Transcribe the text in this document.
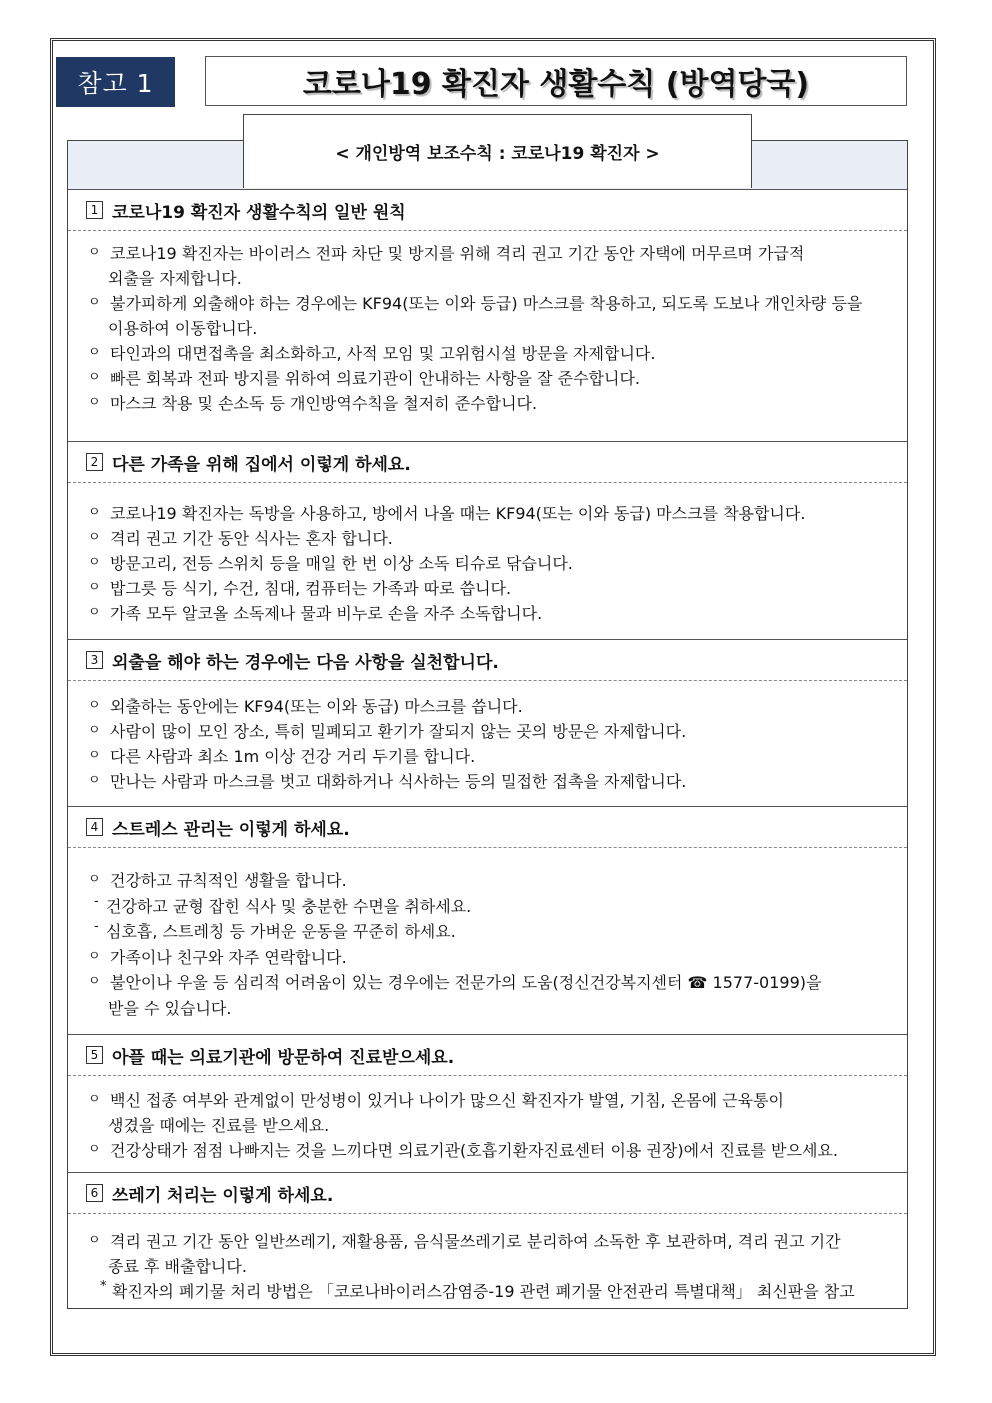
참고 1	코로나19 확진자 생활수칙 (방역당국)
1 코로나19 확진자 생활수칙의 일반 원칙
ㅇ 코로나19 확진자는 바이러스 전파 차단 및 방지를 위해 격리 권고 기간 동안 자택에 머무르며 가급적
외출을 자제합니다.
ㅇ 불가피하게 외출해야 하는 경우에는 KF94(또는 이와 등급) 마스크를 착용하고, 되도록 도보나 개인차량 등을
이용하여 이동합니다.
ㅇ 타인과의 대면접촉을 최소화하고, 사적 모임 및 고위험시설 방문을 자제합니다.
ㅇ 빠른 회복과 전파 방지를 위하여 의료기관이 안내하는 사항을 잘 준수합니다.
ㅇ 마스크 착용 및 손소독 등 개인방역수칙을 철저히 준수합니다.
2 다른 가족을 위해 집에서 이렇게 하세요.
ㅇ 코로나19 확진자는 독방을 사용하고, 방에서 나올 때는 KF94(또는 이와 동급) 마스크를 착용합니다.
ㅇ 격리 권고 기간 동안 식사는 혼자 합니다.
ㅇ 방문고리, 전등 스위치 등을 매일 한 번 이상 소독 티슈로 닦습니다.
ㅇ 밥그릇 등 식기, 수건, 침대, 컴퓨터는 가족과 따로 씁니다.
ㅇ 가족 모두 알코올 소독제나 물과 비누로 손을 자주 소독합니다.
3 외출을 해야 하는 경우에는 다음 사항을 실천합니다.
ㅇ 외출하는 동안에는 KF94(또는 이와 동급) 마스크를 씁니다.
ㅇ 사람이 많이 모인 장소, 특히 밀폐되고 환기가 잘되지 않는 곳의 방문은 자제합니다.
ㅇ 다른 사람과 최소 1m 이상 건강 거리 두기를 합니다.
ㅇ 만나는 사람과 마스크를 벗고 대화하거나 식사하는 등의 밀접한 접촉을 자제합니다.
4 스트레스 관리는 이렇게 하세요.
ㅇ 건강하고 규칙적인 생활을 합니다.
- 건강하고 균형 잡힌 식사 및 충분한 수면을 취하세요.
- 심호흡, 스트레칭 등 가벼운 운동을 꾸준히 하세요.
ㅇ 가족이나 친구와 자주 연락합니다.
ㅇ 불안이나 우울 등 심리적 어려움이 있는 경우에는 전문가의 도움(정신건강복지센터 ☎ 1577-0199)을
받을 수 있습니다.
5 아플 때는 의료기관에 방문하여 진료받으세요.
ㅇ 백신 접종 여부와 관계없이 만성병이 있거나 나이가 많으신 확진자가 발열, 기침, 온몸에 근육통이
생겼을 때에는 진료를 받으세요.
ㅇ 건강상태가 점점 나빠지는 것을 느끼다면 의료기관(호흡기환자진료센터 이용 권장)에서 진료를 받으세요.
6 쓰레기 처리는 이렇게 하세요.
ㅇ 격리 권고 기간 동안 일반쓰레기, 재활용품, 음식물쓰레기로 분리하여 소독한 후 보관하며, 격리 권고 기간
종료 후 배출합니다.
* 확진자의 폐기물 처리 방법은 「코로나바이러스감염증-19 관련 폐기물 안전관리 특별대책」 최신판을 참고
< 개인방역 보조수칙 : 코로나19 확진자 >
